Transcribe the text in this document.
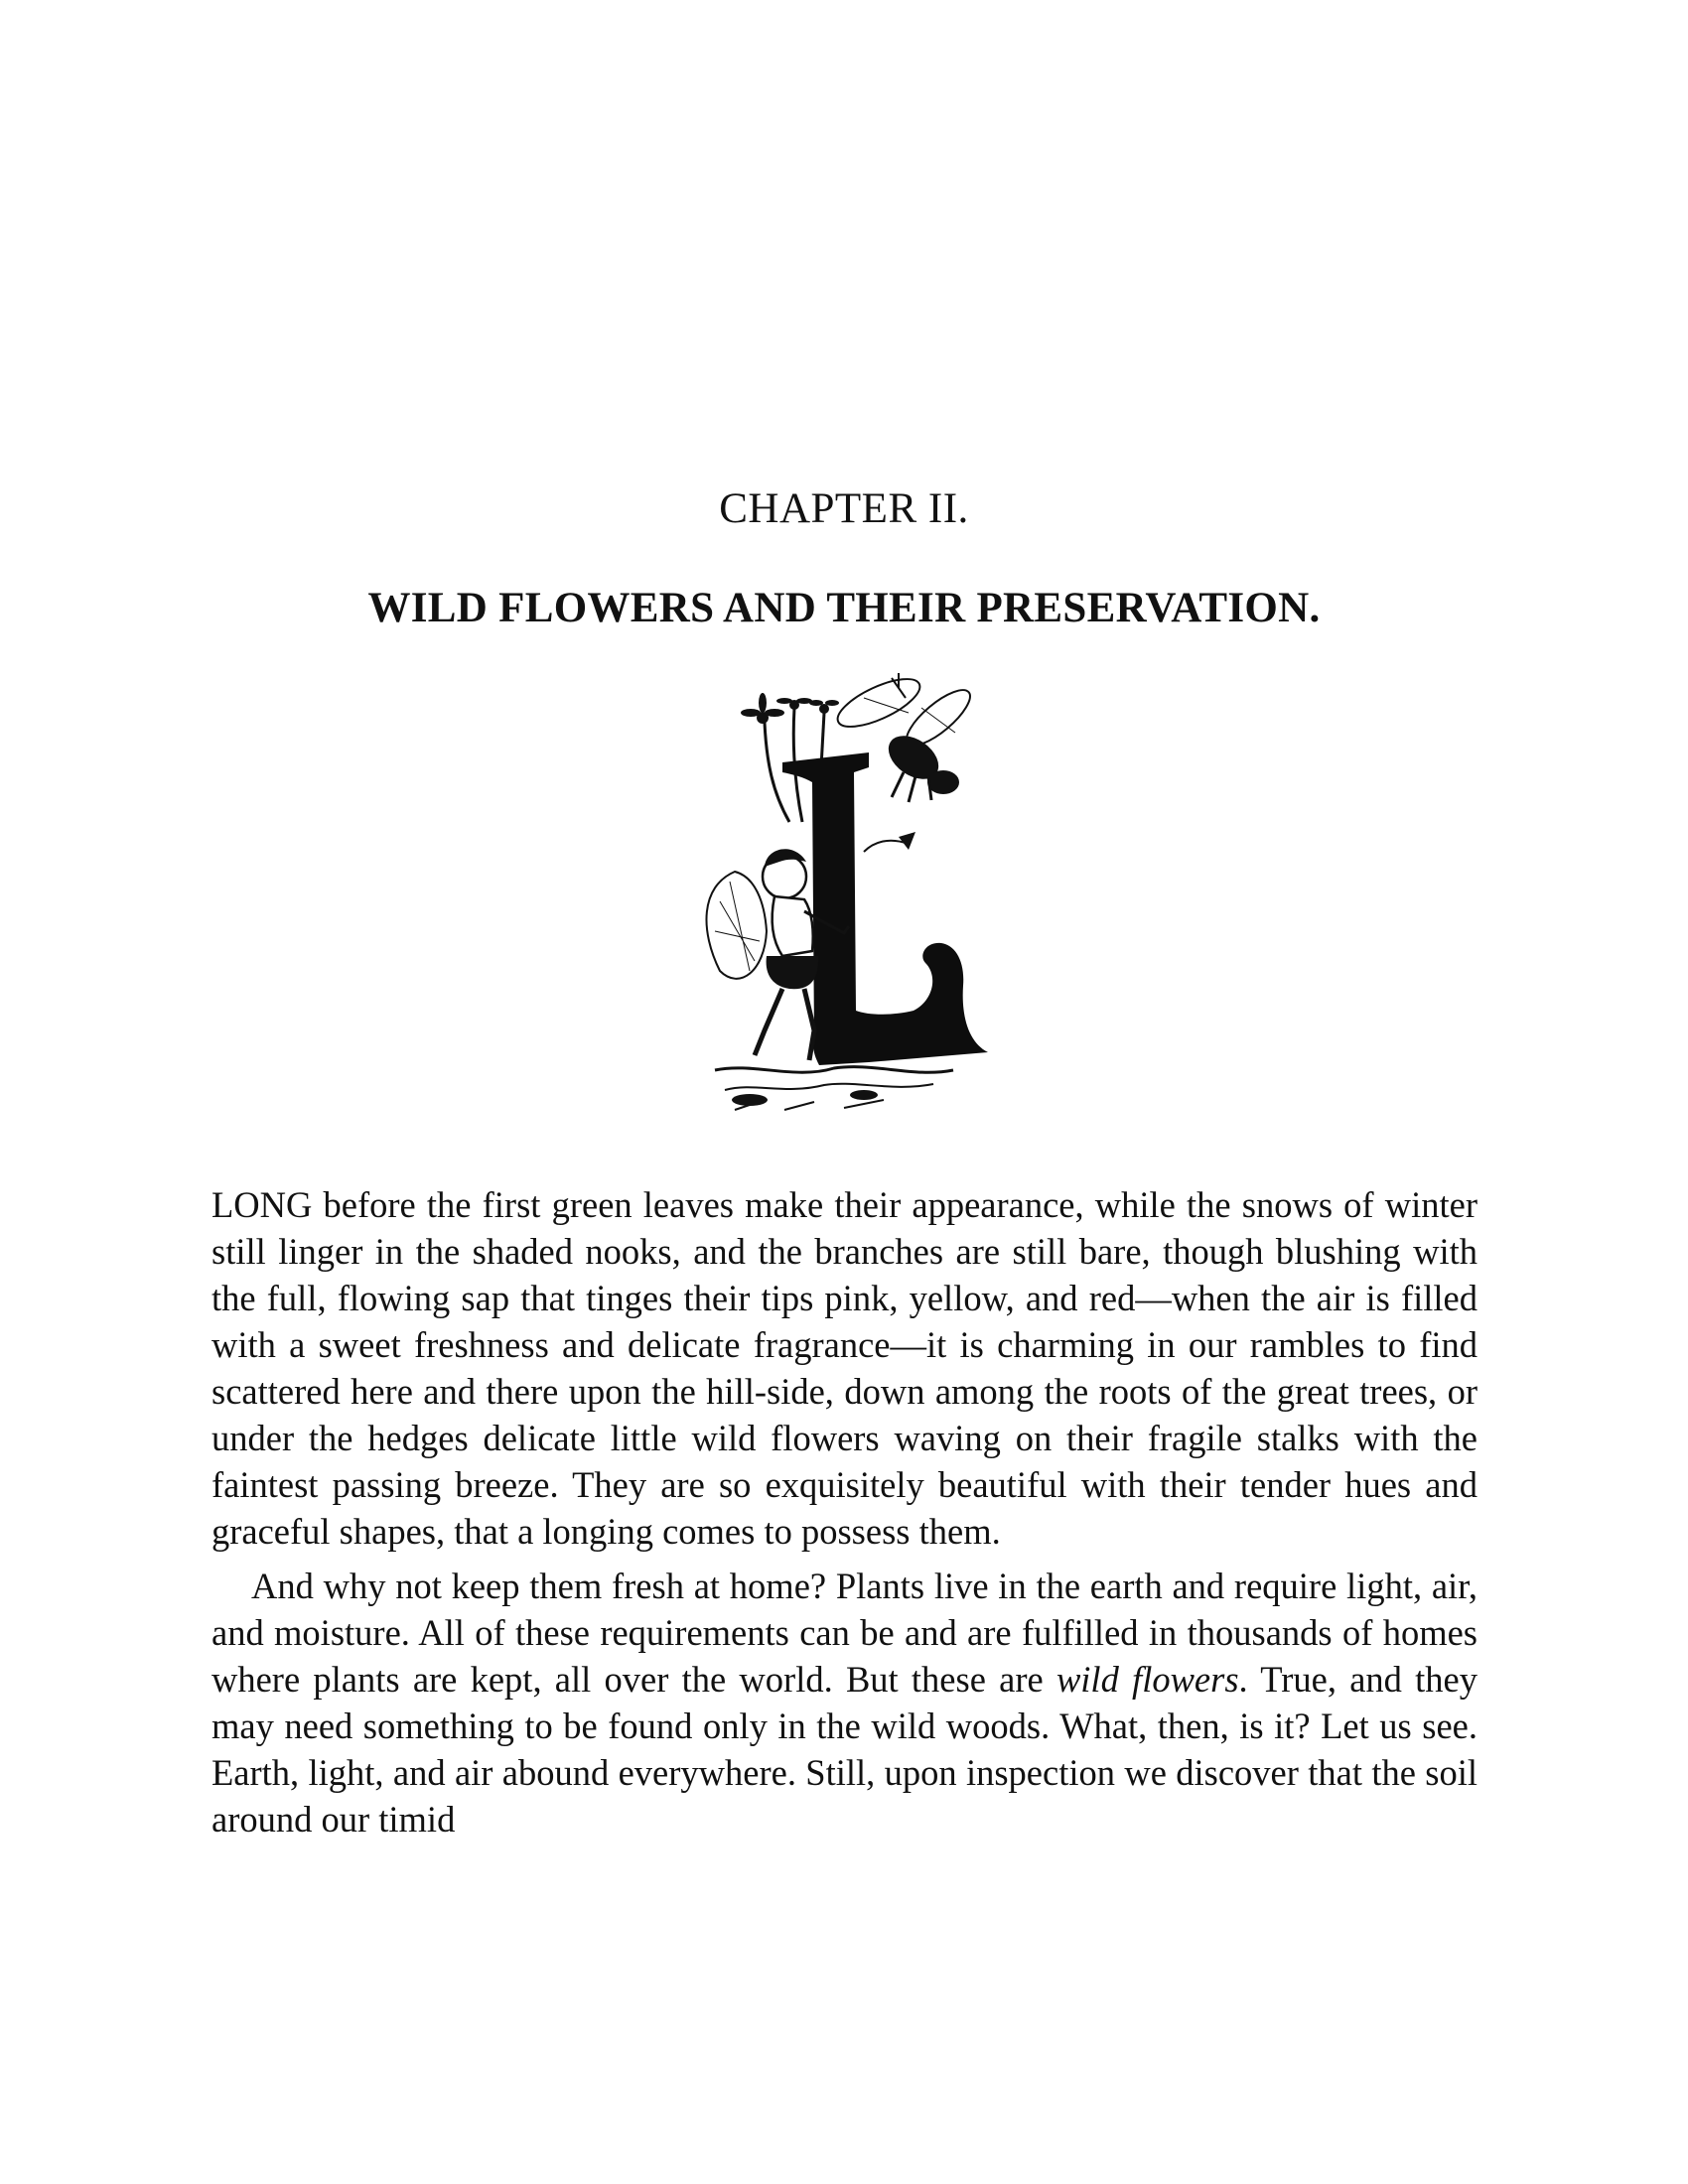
CHAPTER II.
WILD FLOWERS AND THEIR PRESERVATION.

LONG before the first green leaves make their appearance, while the snows of winter still linger in the shaded nooks, and the branches are still bare, though blushing with the full, flowing sap that tinges their tips pink, yellow, and red—when the air is filled with a sweet freshness and delicate fragrance—it is charming in our rambles to find scattered here and there upon the hill-side, down among the roots of the great trees, or under the hedges delicate little wild flowers waving on their fragile stalks with the faintest passing breeze. They are so exquisitely beautiful with their tender hues and graceful shapes, that a longing comes to possess them.

And why not keep them fresh at home? Plants live in the earth and require light, air, and moisture. All of these requirements can be and are fulfilled in thousands of homes where plants are kept, all over the world. But these are wild flowers. True, and they may need something to be found only in the wild woods. What, then, is it? Let us see. Earth, light, and air abound everywhere. Still, upon inspection we discover that the soil around our timid
